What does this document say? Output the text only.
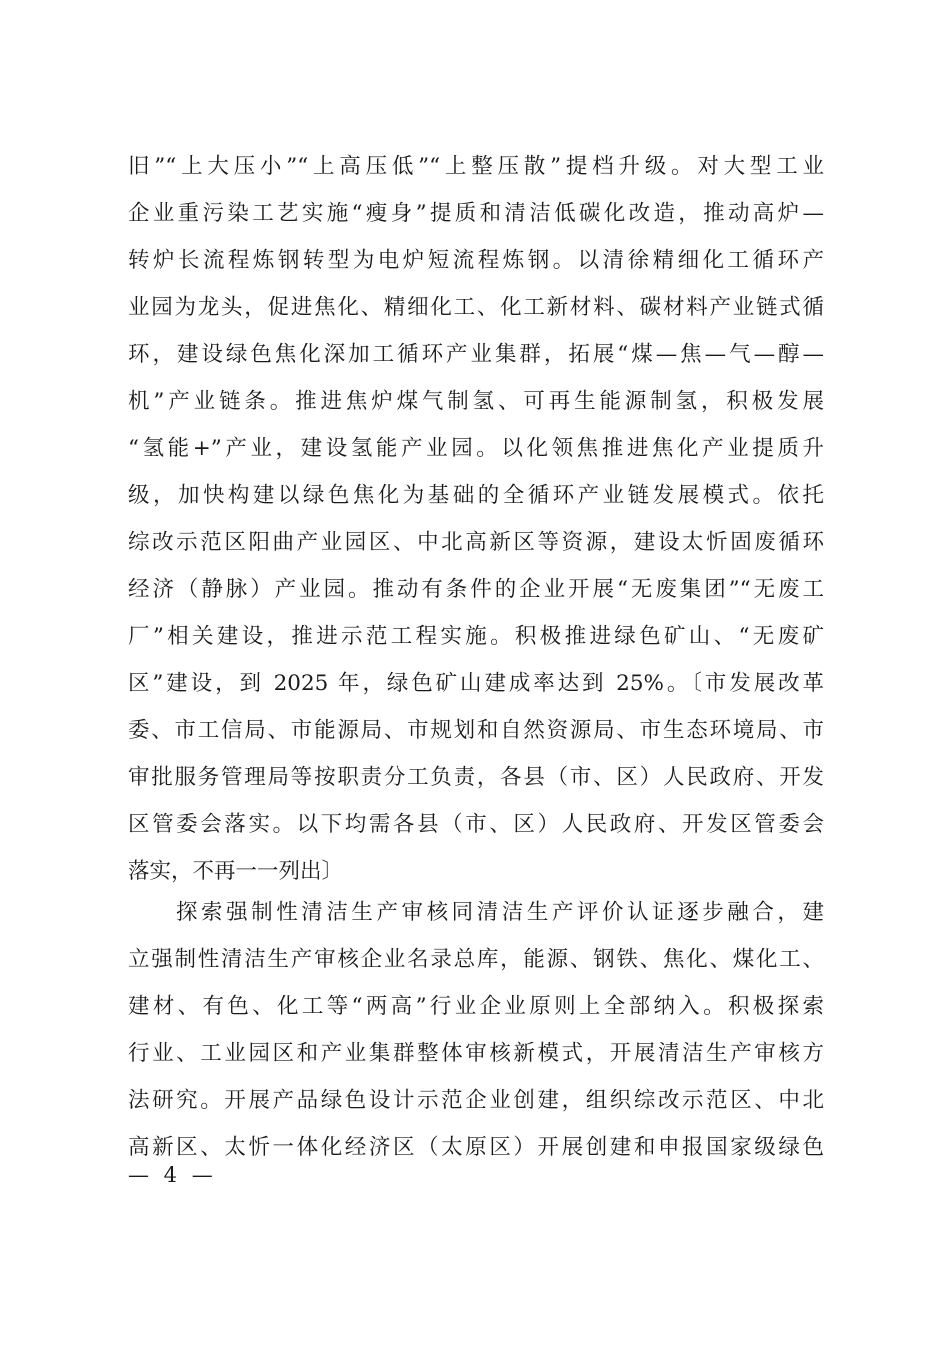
旧”“上大压小”“上高压低”“上整压散”提档升级。对大型工业
企业重污染工艺实施“瘦身”提质和清洁低碳化改造，推动高炉—
转炉长流程炼钢转型为电炉短流程炼钢。以清徐精细化工循环产
业园为龙头，促进焦化、精细化工、化工新材料、碳材料产业链式循
环，建设绿色焦化深加工循环产业集群，拓展“煤—焦—气—醇—
机”产业链条。推进焦炉煤气制氢、可再生能源制氢，积极发展
“氢能+”产业，建设氢能产业园。以化领焦推进焦化产业提质升
级，加快构建以绿色焦化为基础的全循环产业链发展模式。依托
综改示范区阳曲产业园区、中北高新区等资源，建设太忻固废循环
经济（静脉）产业园。推动有条件的企业开展“无废集团”“无废工
厂”相关建设，推进示范工程实施。积极推进绿色矿山、“无废矿
区”建设，到 2025 年，绿色矿山建成率达到 25%。〔市发展改革
委、市工信局、市能源局、市规划和自然资源局、市生态环境局、市
审批服务管理局等按职责分工负责，各县（市、区）人民政府、开发
区管委会落实。以下均需各县（市、区）人民政府、开发区管委会
落实，不再一一列出〕
探索强制性清洁生产审核同清洁生产评价认证逐步融合，建
立强制性清洁生产审核企业名录总库，能源、钢铁、焦化、煤化工、
建材、有色、化工等“两高”行业企业原则上全部纳入。积极探索
行业、工业园区和产业集群整体审核新模式，开展清洁生产审核方
法研究。开展产品绿色设计示范企业创建，组织综改示范区、中北
高新区、太忻一体化经济区（太原区）开展创建和申报国家级绿色
— 4 —
